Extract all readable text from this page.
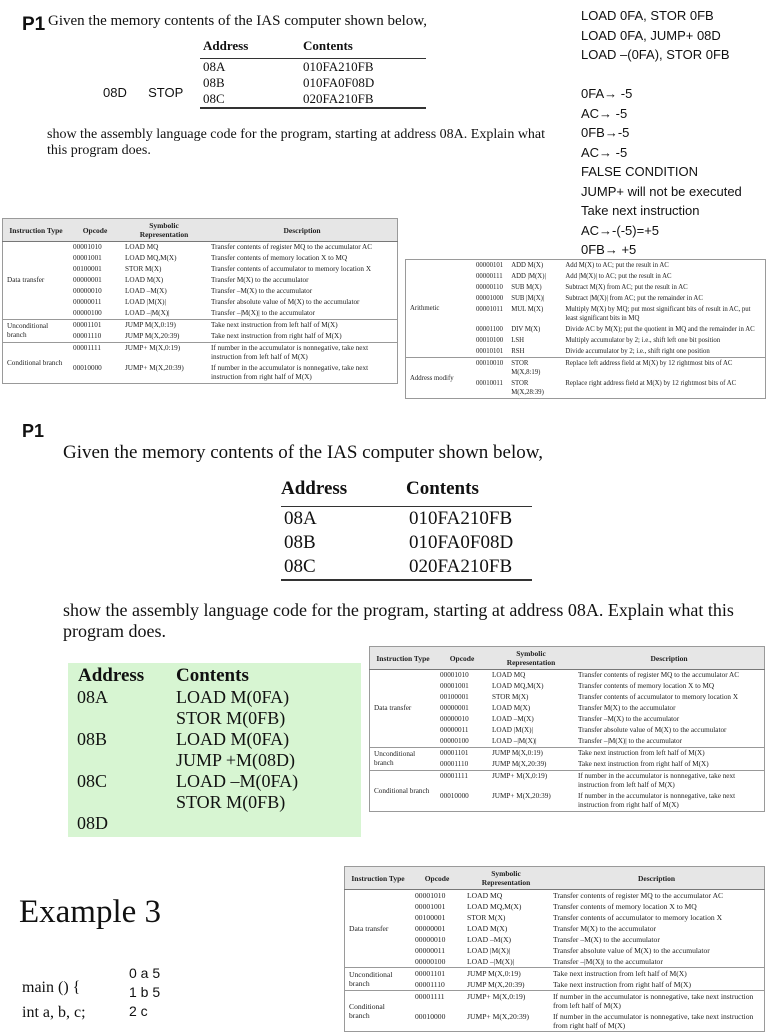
P1 Given the memory contents of the IAS computer shown below,
Address	Contents
08A	010FA210FB
08B	010FA0F08D
08C	020FA210FB
08D STOP
show the assembly language code for the program, starting at address 08A. Explain what this program does.
LOAD 0FA, STOR 0FB
LOAD 0FA, JUMP+ 08D
LOAD –(0FA), STOR 0FB
0FA→ -5
AC→ -5
0FB→-5
AC→ -5
FALSE CONDITION
JUMP+ will not be executed
Take next instruction
AC→-(-5)=+5
0FB→ +5
Instruction Type	Opcode	Symbolic Representation	Description
Data transfer	00001010	LOAD MQ	Transfer contents of register MQ to the accumulator AC
	00001001	LOAD MQ,M(X)	Transfer contents of memory location X to MQ
	00100001	STOR M(X)	Transfer contents of accumulator to memory location X
	00000001	LOAD M(X)	Transfer M(X) to the accumulator
	00000010	LOAD –M(X)	Transfer –M(X) to the accumulator
	00000011	LOAD |M(X)|	Transfer absolute value of M(X) to the accumulator
	00000100	LOAD –|M(X)|	Transfer –|M(X)| to the accumulator
Unconditional branch	00001101	JUMP M(X,0:19)	Take next instruction from left half of M(X)
	00001110	JUMP M(X,20:39)	Take next instruction from right half of M(X)
Conditional branch	00001111	JUMP+ M(X,0:19)	If number in the accumulator is nonnegative, take next instruction from left half of M(X)
	00010000	JUMP+ M(X,20:39)	If number in the accumulator is nonnegative, take next instruction from right half of M(X)
Arithmetic	00000101	ADD M(X)	Add M(X) to AC; put the result in AC
	00000111	ADD |M(X)|	Add |M(X)| to AC; put the result in AC
	00000110	SUB M(X)	Subtract M(X) from AC; put the result in AC
	00001000	SUB |M(X)|	Subtract |M(X)| from AC; put the remainder in AC
	00001011	MUL M(X)	Multiply M(X) by MQ; put most significant bits of result in AC, put least significant bits in MQ
	00001100	DIV M(X)	Divide AC by M(X); put the quotient in MQ and the remainder in AC
	00010100	LSH	Multiply accumulator by 2; i.e., shift left one bit position
	00010101	RSH	Divide accumulator by 2; i.e., shift right one position
Address modify	00010010	STOR M(X,8:19)	Replace left address field at M(X) by 12 rightmost bits of AC
	00010011	STOR M(X,28:39)	Replace right address field at M(X) by 12 rightmost bits of AC
P1
Given the memory contents of the IAS computer shown below,
Address	Contents
08A	010FA210FB
08B	010FA0F08D
08C	020FA210FB
show the assembly language code for the program, starting at address 08A. Explain what this program does.
Address Contents
08A	LOAD M(0FA)
STOR M(0FB)
08B	LOAD M(0FA)
JUMP +M(08D)
08C	LOAD –M(0FA)
STOR M(0FB)
08D
Instruction Type	Opcode	Symbolic Representation	Description
Data transfer	00001010	LOAD MQ	Transfer contents of register MQ to the accumulator AC
	00001001	LOAD MQ,M(X)	Transfer contents of memory location X to MQ
	00100001	STOR M(X)	Transfer contents of accumulator to memory location X
	00000001	LOAD M(X)	Transfer M(X) to the accumulator
	00000010	LOAD –M(X)	Transfer –M(X) to the accumulator
	00000011	LOAD |M(X)|	Transfer absolute value of M(X) to the accumulator
	00000100	LOAD –|M(X)|	Transfer –|M(X)| to the accumulator
Unconditional branch	00001101	JUMP M(X,0:19)	Take next instruction from left half of M(X)
	00001110	JUMP M(X,20:39)	Take next instruction from right half of M(X)
Conditional branch	00001111	JUMP+ M(X,0:19)	If number in the accumulator is nonnegative, take next instruction from left half of M(X)
	00010000	JUMP+ M(X,20:39)	If number in the accumulator is nonnegative, take next instruction from right half of M(X)
Example 3
main () {
int a, b, c;
0 a 5
1 b 5
2 c
Instruction Type	Opcode	Symbolic Representation	Description
Data transfer	00001010	LOAD MQ	Transfer contents of register MQ to the accumulator AC
	00001001	LOAD MQ,M(X)	Transfer contents of memory location X to MQ
	00100001	STOR M(X)	Transfer contents of accumulator to memory location X
	00000001	LOAD M(X)	Transfer M(X) to the accumulator
	00000010	LOAD –M(X)	Transfer –M(X) to the accumulator
	00000011	LOAD |M(X)|	Transfer absolute value of M(X) to the accumulator
	00000100	LOAD –|M(X)|	Transfer –|M(X)| to the accumulator
Unconditional branch	00001101	JUMP M(X,0:19)	Take next instruction from left half of M(X)
	00001110	JUMP M(X,20:39)	Take next instruction from right half of M(X)
Conditional branch	00001111	JUMP+ M(X,0:19)	If number in the accumulator is nonnegative, take next instruction from left half of M(X)
	00010000	JUMP+ M(X,20:39)	If number in the accumulator is nonnegative, take next instruction from right half of M(X)
